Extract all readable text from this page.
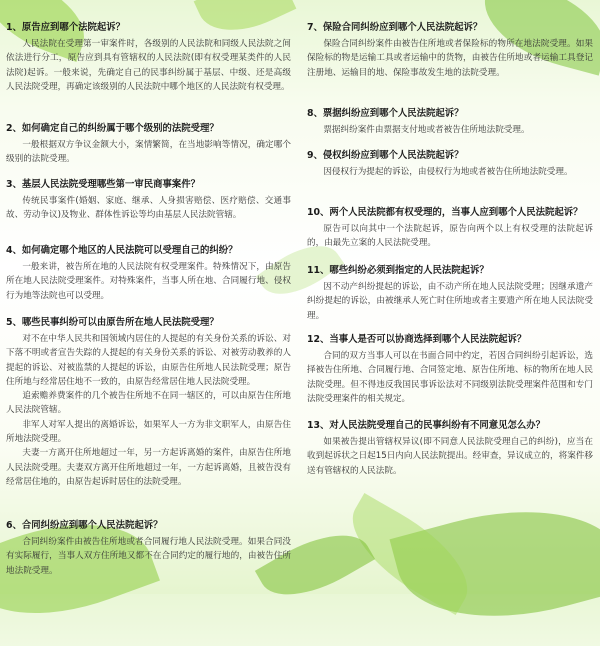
1、原告应到哪个法院起诉？

人民法院在受理第一审案件时，各级别的人民法院和同级人民法院之间依法进行分工，原告应到具有管辖权的人民法院(即有权受理某类件的人民法院)起诉。一般来说，先确定自己的民事纠纷属于基层、中级、还是高级人民法院受理，再确定该级别的人民法院中哪个地区的人民法院有权受理。

2、如何确定自己的纠纷属于哪个级别的法院受理？

一般根据双方争议金额大小，案情繁简，在当地影响等情况，确定哪个级别的法院受理。

3、基层人民法院受理哪些第一审民商事案件？

传统民事案件(婚姻、家庭、继承、人身损害赔偿、医疗赔偿、交通事故、劳动争议)及物业、群体性诉讼等均由基层人民法院管辖。

4、如何确定哪个地区的人民法院可以受理自己的纠纷？

一般来讲，被告所在地的人民法院有权受理案件。特殊情况下，由原告所在地人民法院受理案件。对特殊案件，当事人所在地、合同履行地、侵权行为地等法院也可以受理。

5、哪些民事纠纷可以由原告所在地人民法院受理？

对不在中华人民共和国领域内居住的人提起的有关身份关系的诉讼、对下落不明或者宣告失踪的人提起的有关身份关系的诉讼、对被劳动教养的人提起的诉讼、对被监禁的人提起的诉讼，由原告住所地人民法院受理；原告住所地与经常居住地不一致的，由原告经常居住地人民法院受理。

追索赡养费案件的几个被告住所地不在同一辖区的，可以由原告住所地人民法院管辖。

非军人对军人提出的离婚诉讼，如果军人一方为非文职军人，由原告住所地法院受理。

夫妻一方离开住所地超过一年，另一方起诉离婚的案件，由原告住所地人民法院受理。夫妻双方离开住所地超过一年，一方起诉离婚，且被告没有经常居住地的，由原告起诉时居住的法院受理。

6、合同纠纷应到哪个人民法院起诉？

合同纠纷案件由被告住所地或者合同履行地人民法院受理。如果合同没有实际履行，当事人双方住所地又都不在合同约定的履行地的，由被告住所地法院受理。

7、保险合同纠纷应到哪个人民法院起诉？

保险合同纠纷案件由被告住所地或者保险标的物所在地法院受理。如果保险标的物是运输工具或者运输中的货物，由被告住所地或者运输工具登记注册地、运输目的地、保险事故发生地的法院受理。

8、票据纠纷应到哪个人民法院起诉？

票据纠纷案件由票据支付地或者被告住所地法院受理。

9、侵权纠纷应到哪个人民法院起诉？

因侵权行为提起的诉讼，由侵权行为地或者被告住所地法院受理。

10、两个人民法院都有权受理的，当事人应到哪个人民法院起诉？

原告可以向其中一个法院起诉，原告向两个以上有权受理的法院起诉的，由最先立案的人民法院受理。

11、哪些纠纷必须到指定的人民法院起诉？

因不动产纠纷提起的诉讼，由不动产所在地人民法院受理；因继承遗产纠纷提起的诉讼，由被继承人死亡时住所地或者主要遗产所在地人民法院受理。

12、当事人是否可以协商选择到哪个人民法院起诉？

合同的双方当事人可以在书面合同中约定，若因合同纠纷引起诉讼，选择被告住所地、合同履行地、合同签定地、原告住所地、标的物所在地人民法院受理。但不得违反我国民事诉讼法对不同级别法院受理案件范围和专门法院受理案件的相关规定。

13、对人民法院受理自己的民事纠纷有不同意见怎么办？

如果被告提出管辖权异议(即不同意人民法院受理自己的纠纷)，应当在收到起诉状之日起15日内向人民法院提出。经审查，异议成立的，将案件移送有管辖权的人民法院。
